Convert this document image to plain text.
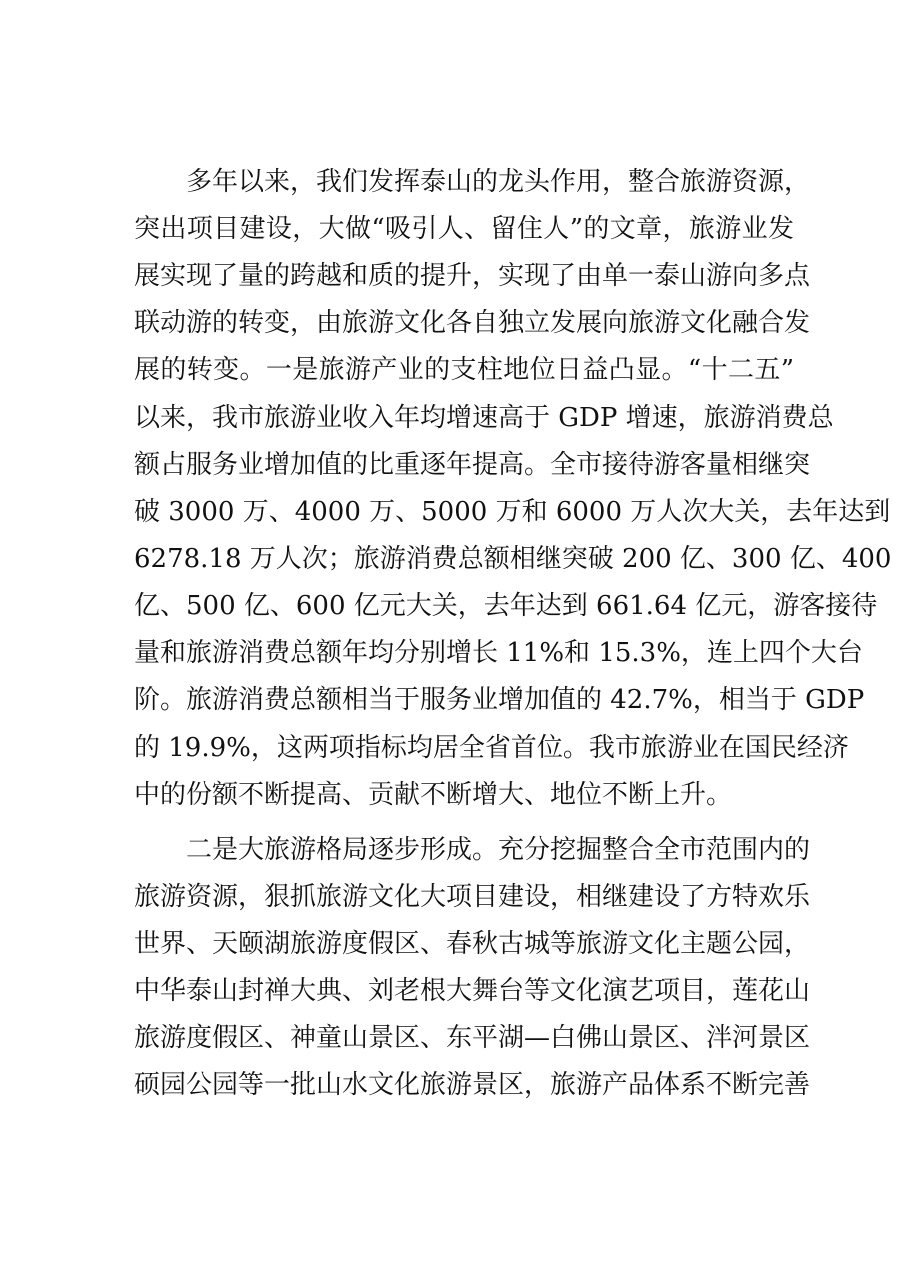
多年以来，我们发挥泰山的龙头作用，整合旅游资源，
突出项目建设，大做“吸引人、留住人”的文章，旅游业发
展实现了量的跨越和质的提升，实现了由单一泰山游向多点
联动游的转变，由旅游文化各自独立发展向旅游文化融合发
展的转变。一是旅游产业的支柱地位日益凸显。“十二五”
以来，我市旅游业收入年均增速高于 GDP 增速，旅游消费总
额占服务业增加值的比重逐年提高。全市接待游客量相继突
破 3000 万、4000 万、5000 万和 6000 万人次大关，去年达到
6278.18 万人次；旅游消费总额相继突破 200 亿、300 亿、400
亿、500 亿、600 亿元大关，去年达到 661.64 亿元，游客接待
量和旅游消费总额年均分别增长 11%和 15.3%，连上四个大台
阶。旅游消费总额相当于服务业增加值的 42.7%，相当于 GDP
的 19.9%，这两项指标均居全省首位。我市旅游业在国民经济
中的份额不断提高、贡献不断增大、地位不断上升。
二是大旅游格局逐步形成。充分挖掘整合全市范围内的
旅游资源，狠抓旅游文化大项目建设，相继建设了方特欢乐
世界、天颐湖旅游度假区、春秋古城等旅游文化主题公园，
中华泰山封禅大典、刘老根大舞台等文化演艺项目，莲花山
旅游度假区、神童山景区、东平湖—白佛山景区、泮河景区
硕园公园等一批山水文化旅游景区，旅游产品体系不断完善
